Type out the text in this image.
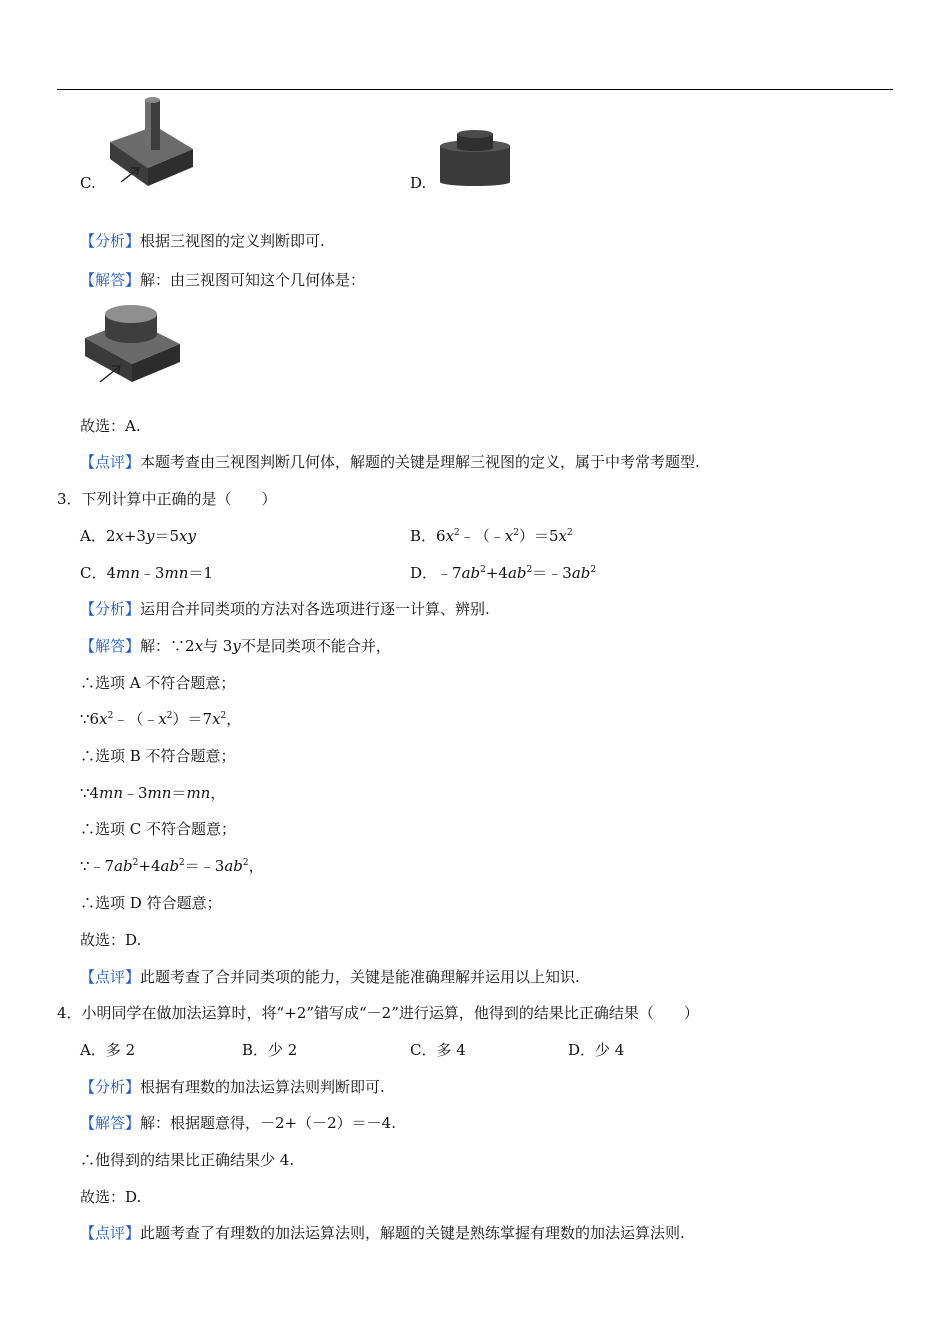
C.	D.
【分析】根据三视图的定义判断即可.
【解答】解：由三视图可知这个几何体是：
故选：A.
【点评】本题考查由三视图判断几何体，解题的关键是理解三视图的定义，属于中考常考题型.
3．下列计算中正确的是（　　）
A．2x+3y＝5xy	B．$6x^2﹣(﹣x^2)=5x^2$
C．4mn﹣3mn＝1	D．$﹣7ab^2+4ab^2=﹣3ab^2$
【分析】运用合并同类项的方法对各选项进行逐一计算、辨别.
【解答】解：∵2x与 3y不是同类项不能合并，
∴选项 A 不符合题意；
$\because 6x^2﹣(﹣x^2)=7x^2$，
∴选项 B 不符合题意；
∵4mn﹣3mn＝mn，
∴选项 C 不符合题意；
$\because﹣7ab^2+4ab^2=﹣3ab^2$，
∴选项 D 符合题意；
故选：D.
【点评】此题考查了合并同类项的能力，关键是能准确理解并运用以上知识.
4．小明同学在做加法运算时，将“+2”错写成“－2”进行运算，他得到的结果比正确结果（　　）
A．多 2	B．少 2	C．多 4	D．少 4
【分析】根据有理数的加法运算法则判断即可.
【解答】解：根据题意得，－2+（－2）＝－4.
∴他得到的结果比正确结果少 4.
故选：D.
【点评】此题考查了有理数的加法运算法则，解题的关键是熟练掌握有理数的加法运算法则.
